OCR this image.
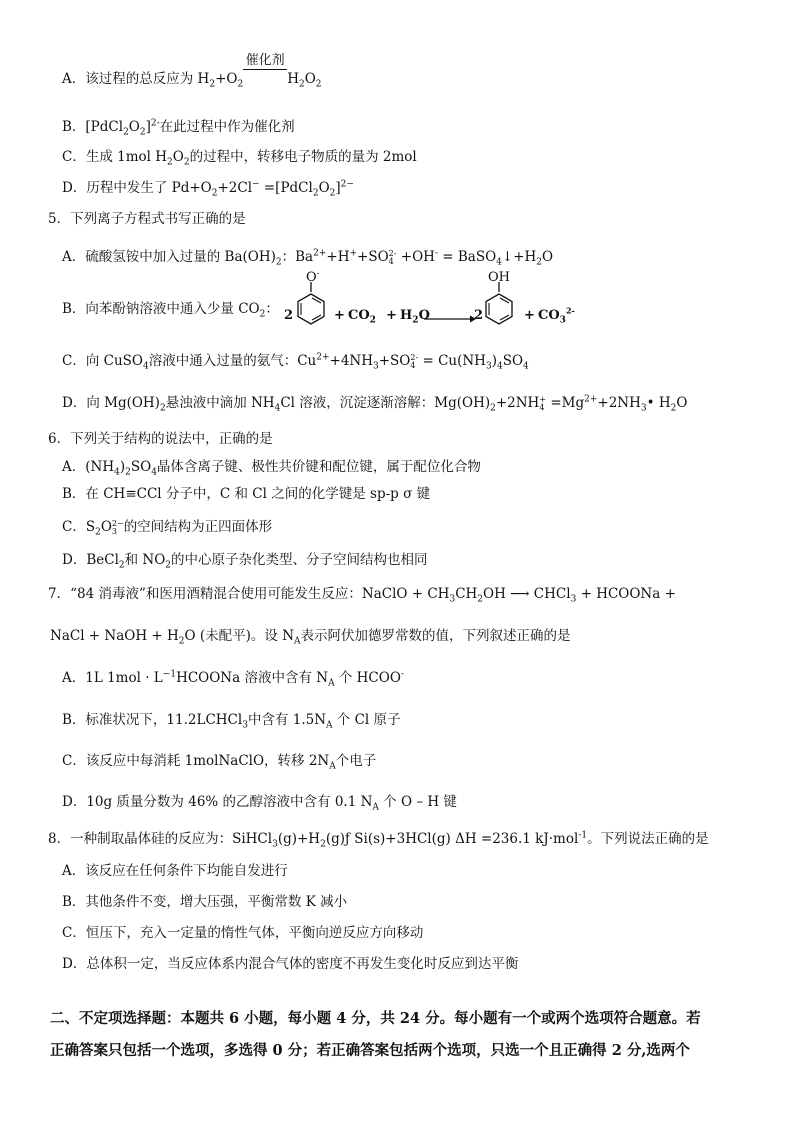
A．该过程的总反应为 $H_2+O_2$
催化剂
$H_2O_2$
B．$[PdCl_2O_2]^{2-}$在此过程中作为催化剂
C．生成 1mol $H_2O_2$的过程中，转移电子物质的量为 2mol
D．历程中发生了 $Pd+O_2+2Cl^-$ $=[PdCl_2O_2]^{2-}$
5．下列离子方程式书写正确的是
A．硫酸氢铵中加入过量的 $Ba(OH)_2$：$Ba^{2+}+H^++SO$ 2-
$4 +OH^- = BaSO_4↓+H_2O$
B．向苯酚钠溶液中通入少量 $CO_2$： 2
O-
+ $CO_2 + H_2O$	2
OH
+ $CO_3^{2-}$
C．向 CuSO$_4$溶液中通入过量的氨气：$Cu^{2+}+4NH_3+SO$ 2-
$4 = Cu(NH_3)_4SO_4$
D．向 $Mg(OH)_2$悬浊液中滴加 $NH_4Cl$ 溶液，沉淀逐渐溶解：$Mg(OH)_2+2NH$ +
$4 =Mg^{2+}+2NH_3•$ $H_2O$
6．下列关于结构的说法中，正确的是
A．$(NH_4)_2SO_4$晶体含离子键、极性共价键和配位键，属于配位化合物
B．在 CH≡CCl 分子中，C 和 Cl 之间的化学键是 sp-p σ 键
C．$S_2O$ 2−
3 的空间结构为正四面体形
D．BeCl$_2$和 $NO_2$的中心原子杂化类型、分子空间结构也相同
7．“84 消毒液”和医用酒精混合使用可能发生反应：NaClO + $CH_3CH_2OH$ ⟶ CHCl$_3$ + HCOONa +
NaCl + NaOH + $H_2O$ (未配平)。设 $N_A$表示阿伏加德罗常数的值，下列叙述正确的是
A．1L $1mol \cdot L^{-1}HCOONa$ 溶液中含有 $N_A$ 个 HCOO-
B．标准状况下，11.2LCHCl$_3$中含有 $1.5N_A$ 个 Cl 原子
C．该反应中每消耗 1molNaClO，转移 $2N_A$个电子
D．10g 质量分数为 46% 的乙醇溶液中含有 0.1 $N_A$ 个 O – H 键
8．一种制取晶体硅的反应为：$SiHCl_3(g)+H_2(g)ƒ$ Si(s)+3HCl(g) ΔH =236.1 kJ·mol$^{-1}$。下列说法正确的是
A．该反应在任何条件下均能自发进行
B．其他条件不变，增大压强，平衡常数 K 减小
C．恒压下，充入一定量的惰性气体，平衡向逆反应方向移动
D．总体积一定，当反应体系内混合气体的密度不再发生变化时反应到达平衡
二、不定项选择题：本题共 6 小题，每小题 4 分，共 24 分。每小题有一个或两个选项符合题意。若
正确答案只包括一个选项，多选得 0 分；若正确答案包括两个选项，只选一个且正确得 2 分,选两个
